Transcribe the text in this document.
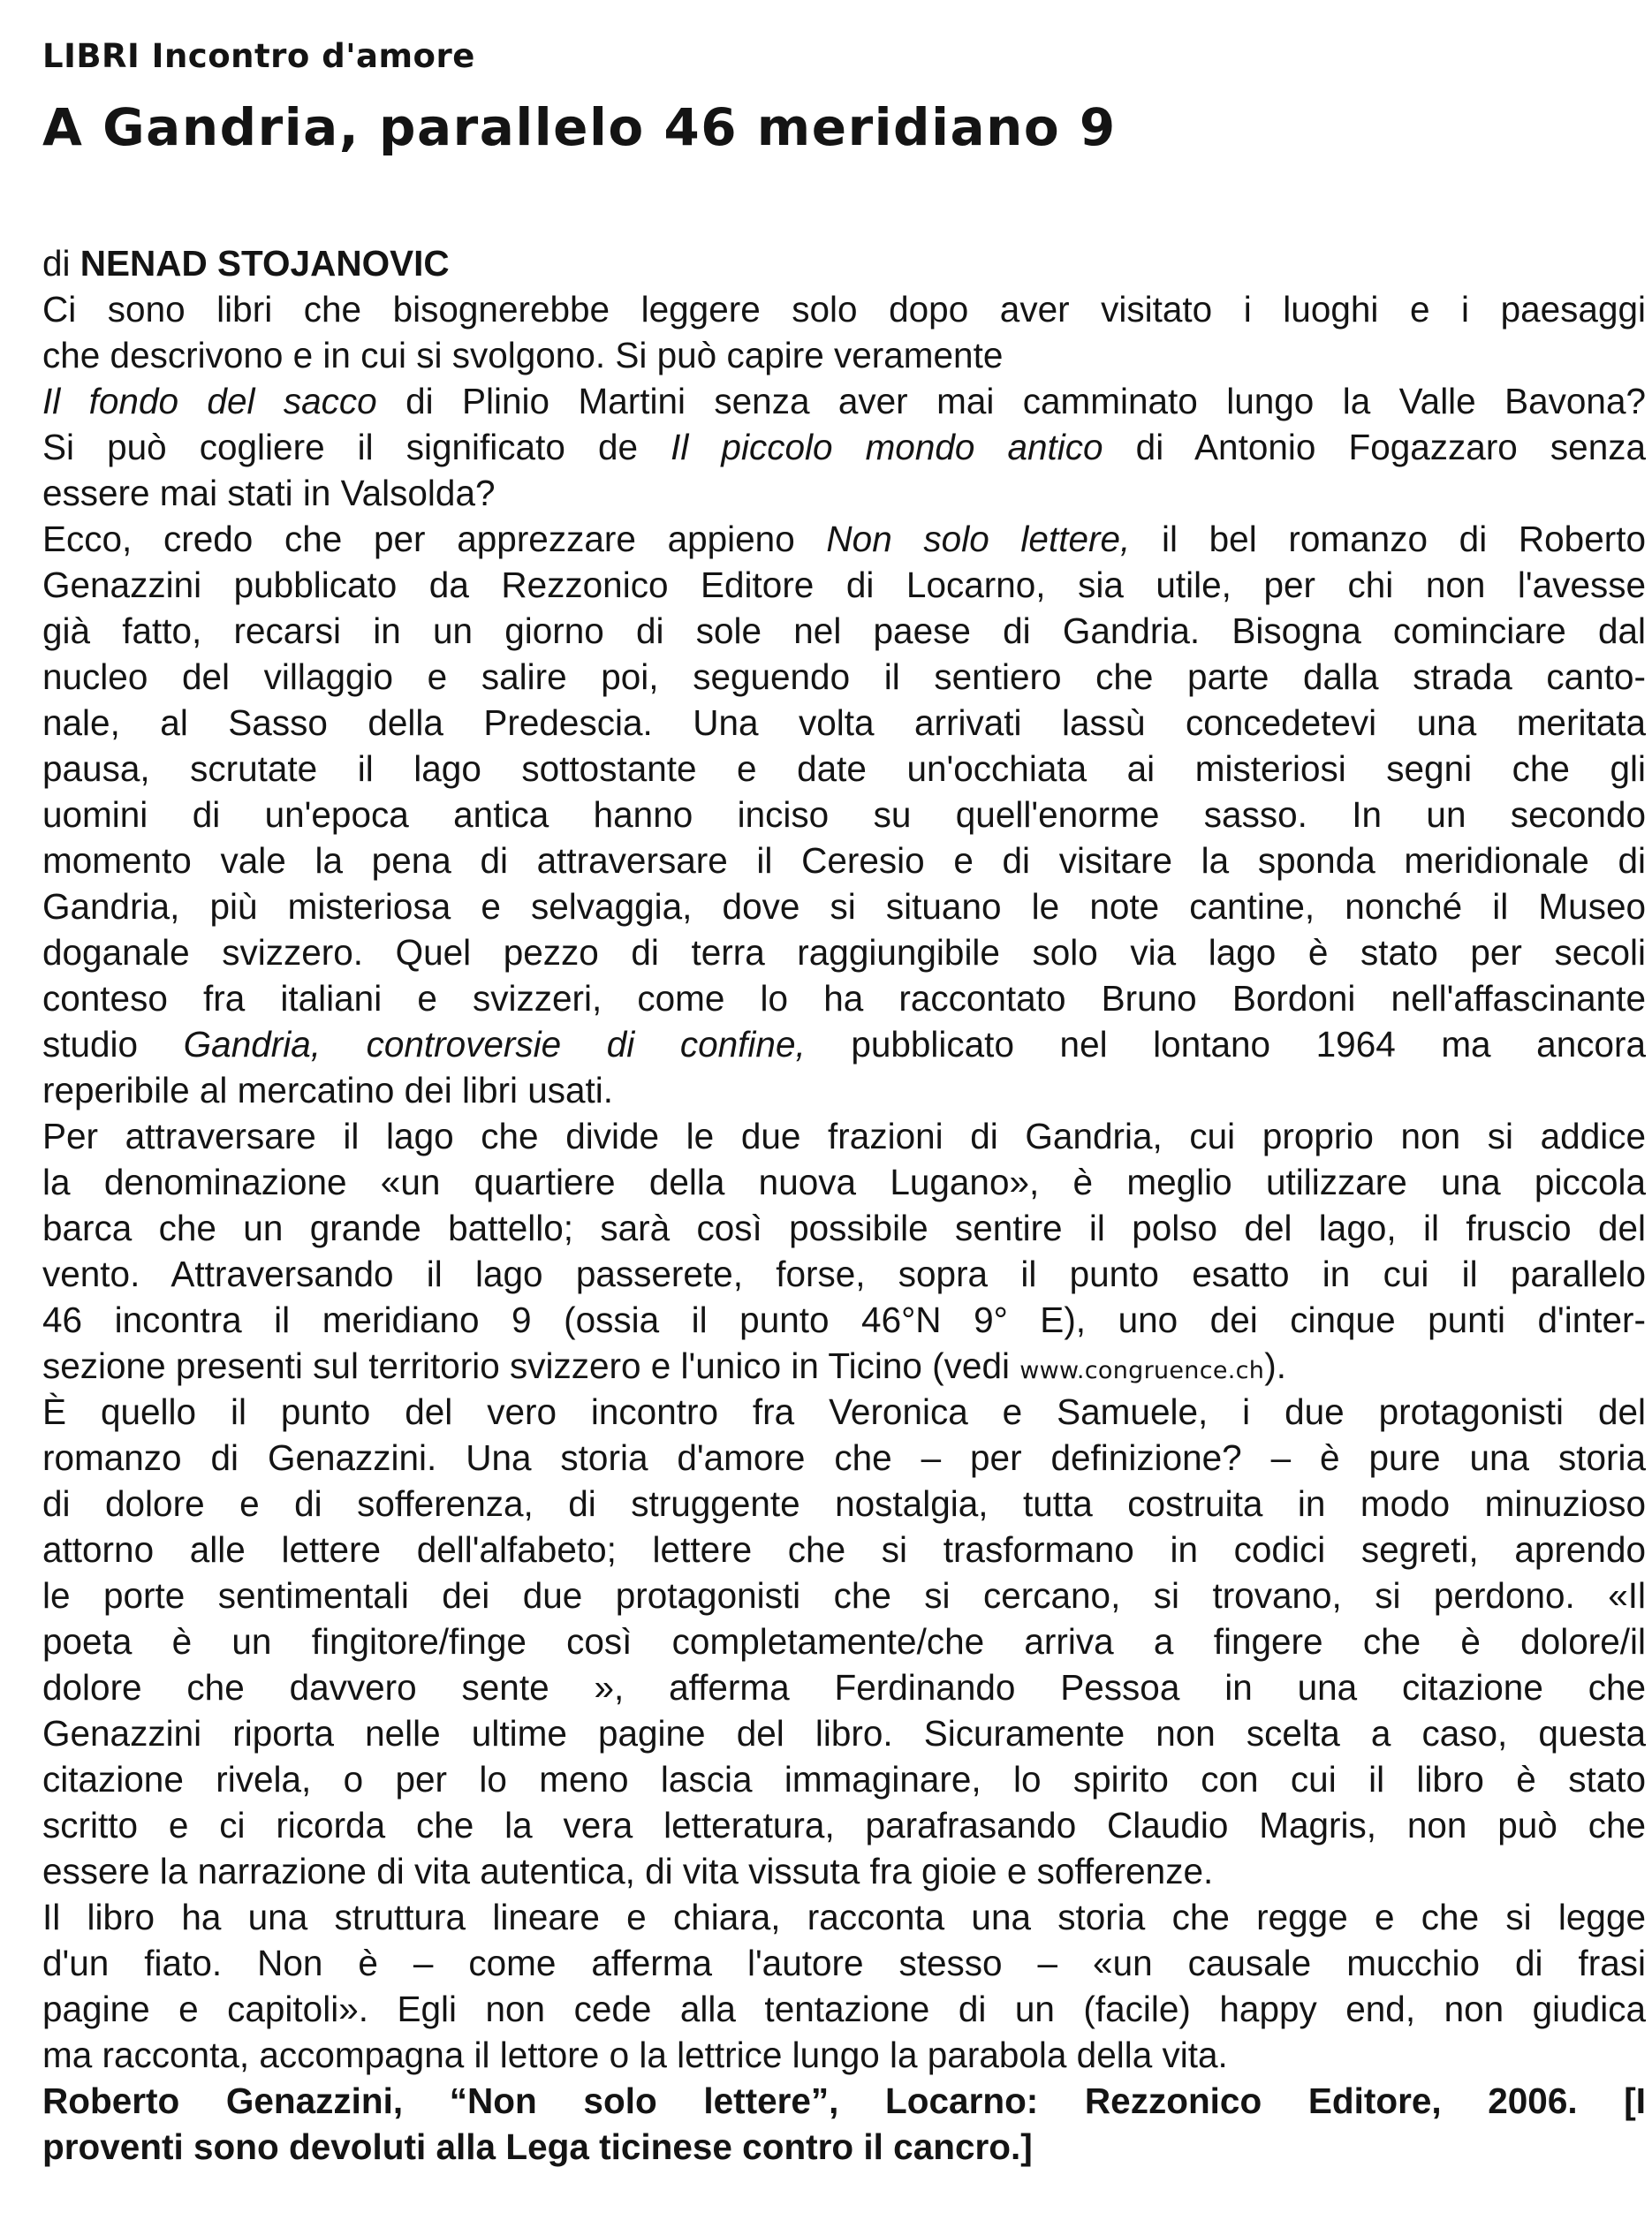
LIBRI Incontro d'amore
A Gandria, parallelo 46 meridiano 9
di NENAD STOJANOVIC
Ci sono libri che bisognerebbe leggere solo dopo aver visitato i luoghi e i paesaggi
che descrivono e in cui si svolgono. Si può capire veramente
Il fondo del sacco di Plinio Martini senza aver mai camminato lungo la Valle Bavona?
Si può cogliere il significato de Il piccolo mondo antico di Antonio Fogazzaro senza
essere mai stati in Valsolda?
Ecco, credo che per apprezzare appieno Non solo lettere, il bel romanzo di Roberto
Genazzini pubblicato da Rezzonico Editore di Locarno, sia utile, per chi non l'avesse
già fatto, recarsi in un giorno di sole nel paese di Gandria. Bisogna cominciare dal
nucleo del villaggio e salire poi, seguendo il sentiero che parte dalla strada canto-
nale, al Sasso della Predescia. Una volta arrivati lassù concedetevi una meritata
pausa, scrutate il lago sottostante e date un'occhiata ai misteriosi segni che gli
uomini di un'epoca antica hanno inciso su quell'enorme sasso. In un secondo
momento vale la pena di attraversare il Ceresio e di visitare la sponda meridionale di
Gandria, più misteriosa e selvaggia, dove si situano le note cantine, nonché il Museo
doganale svizzero. Quel pezzo di terra raggiungibile solo via lago è stato per secoli
conteso fra italiani e svizzeri, come lo ha raccontato Bruno Bordoni nell'affascinante
studio Gandria, controversie di confine, pubblicato nel lontano 1964 ma ancora
reperibile al mercatino dei libri usati.
Per attraversare il lago che divide le due frazioni di Gandria, cui proprio non si addice
la denominazione «un quartiere della nuova Lugano», è meglio utilizzare una piccola
barca che un grande battello; sarà così possibile sentire il polso del lago, il fruscio del
vento. Attraversando il lago passerete, forse, sopra il punto esatto in cui il parallelo
46 incontra il meridiano 9 (ossia il punto 46°N 9° E), uno dei cinque punti d'inter-
sezione presenti sul territorio svizzero e l'unico in Ticino (vedi www.congruence.ch).
È quello il punto del vero incontro fra Veronica e Samuele, i due protagonisti del
romanzo di Genazzini. Una storia d'amore che – per definizione? – è pure una storia
di dolore e di sofferenza, di struggente nostalgia, tutta costruita in modo minuzioso
attorno alle lettere dell'alfabeto; lettere che si trasformano in codici segreti, aprendo
le porte sentimentali dei due protagonisti che si cercano, si trovano, si perdono. «Il
poeta è un fingitore/finge così completamente/che arriva a fingere che è dolore/il
dolore che davvero sente », afferma Ferdinando Pessoa in una citazione che
Genazzini riporta nelle ultime pagine del libro. Sicuramente non scelta a caso, questa
citazione rivela, o per lo meno lascia immaginare, lo spirito con cui il libro è stato
scritto e ci ricorda che la vera letteratura, parafrasando Claudio Magris, non può che
essere la narrazione di vita autentica, di vita vissuta fra gioie e sofferenze.
Il libro ha una struttura lineare e chiara, racconta una storia che regge e che si legge
d'un fiato. Non è – come afferma l'autore stesso – «un causale mucchio di frasi
pagine e capitoli». Egli non cede alla tentazione di un (facile) happy end, non giudica
ma racconta, accompagna il lettore o la lettrice lungo la parabola della vita.
Roberto Genazzini, “Non solo lettere”, Locarno: Rezzonico Editore, 2006. [I
proventi sono devoluti alla Lega ticinese contro il cancro.]
